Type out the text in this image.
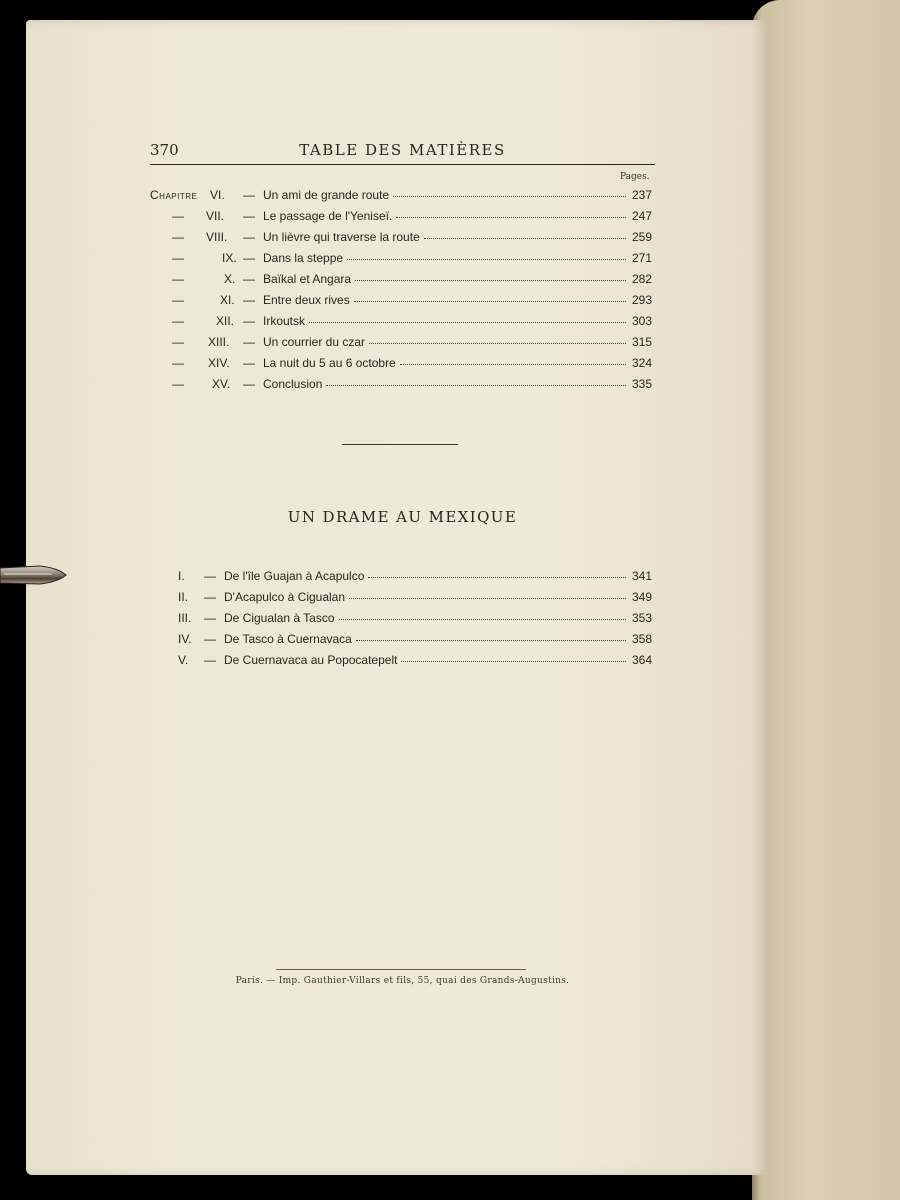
370	TABLE DES MATIÈRES
Pages.
Chapitre VI. — Un ami de grande route	237
— VII. — Le passage de l'Yeniseï.	247
— VIII. — Un lièvre qui traverse la route	259
—	IX. — Dans la steppe	271
—	X. — Baïkal et Angara	282
—	XI. — Entre deux rives	293
—	XII. — Irkoutsk	303
— XIII. — Un courrier du czar	315
— XIV. — La nuit du 5 au 6 octobre	324
— XV. — Conclusion	335
UN DRAME AU MEXIQUE
I. — De l'île Guajan à Acapulco	341
II. — D'Acapulco à Cigualan	349
III. — De Cigualan à Tasco	353
IV. — De Tasco à Cuernavaca	358
V. — De Cuernavaca au Popocatepelt	364
Paris. — Imp. Gauthier-Villars et fils, 55, quai des Grands-Augustins.
